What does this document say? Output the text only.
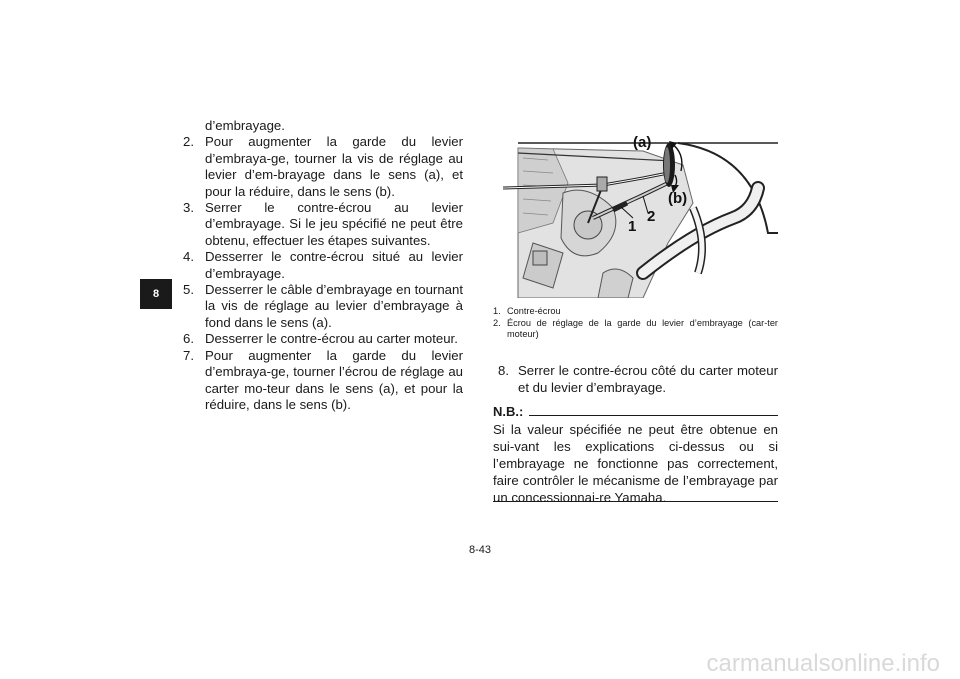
8
d’embrayage.
2. Pour augmenter la garde du levier d’embraya-ge, tourner la vis de réglage au levier d’em-brayage dans le sens (a), et pour la réduire, dans le sens (b).
3. Serrer le contre-écrou au levier d’embrayage. Si le jeu spécifié ne peut être obtenu, effectuer les étapes suivantes.
4. Desserrer le contre-écrou situé au levier d’embrayage.
5. Desserrer le câble d’embrayage en tournant la vis de réglage au levier d’embrayage à fond dans le sens (a).
6. Desserrer le contre-écrou au carter moteur.
7. Pour augmenter la garde du levier d’embraya-ge, tourner l’écrou de réglage au carter mo-teur dans le sens (a), et pour la réduire, dans le sens (b).
(a)
(b)
1
2
1. Contre-écrou
2. Écrou de réglage de la garde du levier d’embrayage (car-ter moteur)
8. Serrer le contre-écrou côté du carter moteur et du levier d’embrayage.
N.B.:
Si la valeur spécifiée ne peut être obtenue en sui-vant les explications ci-dessus ou si l’embrayage ne fonctionne pas correctement, faire contrôler le mécanisme de l’embrayage par un concessionnai-re Yamaha.
8-43
carmanualsonline.info
